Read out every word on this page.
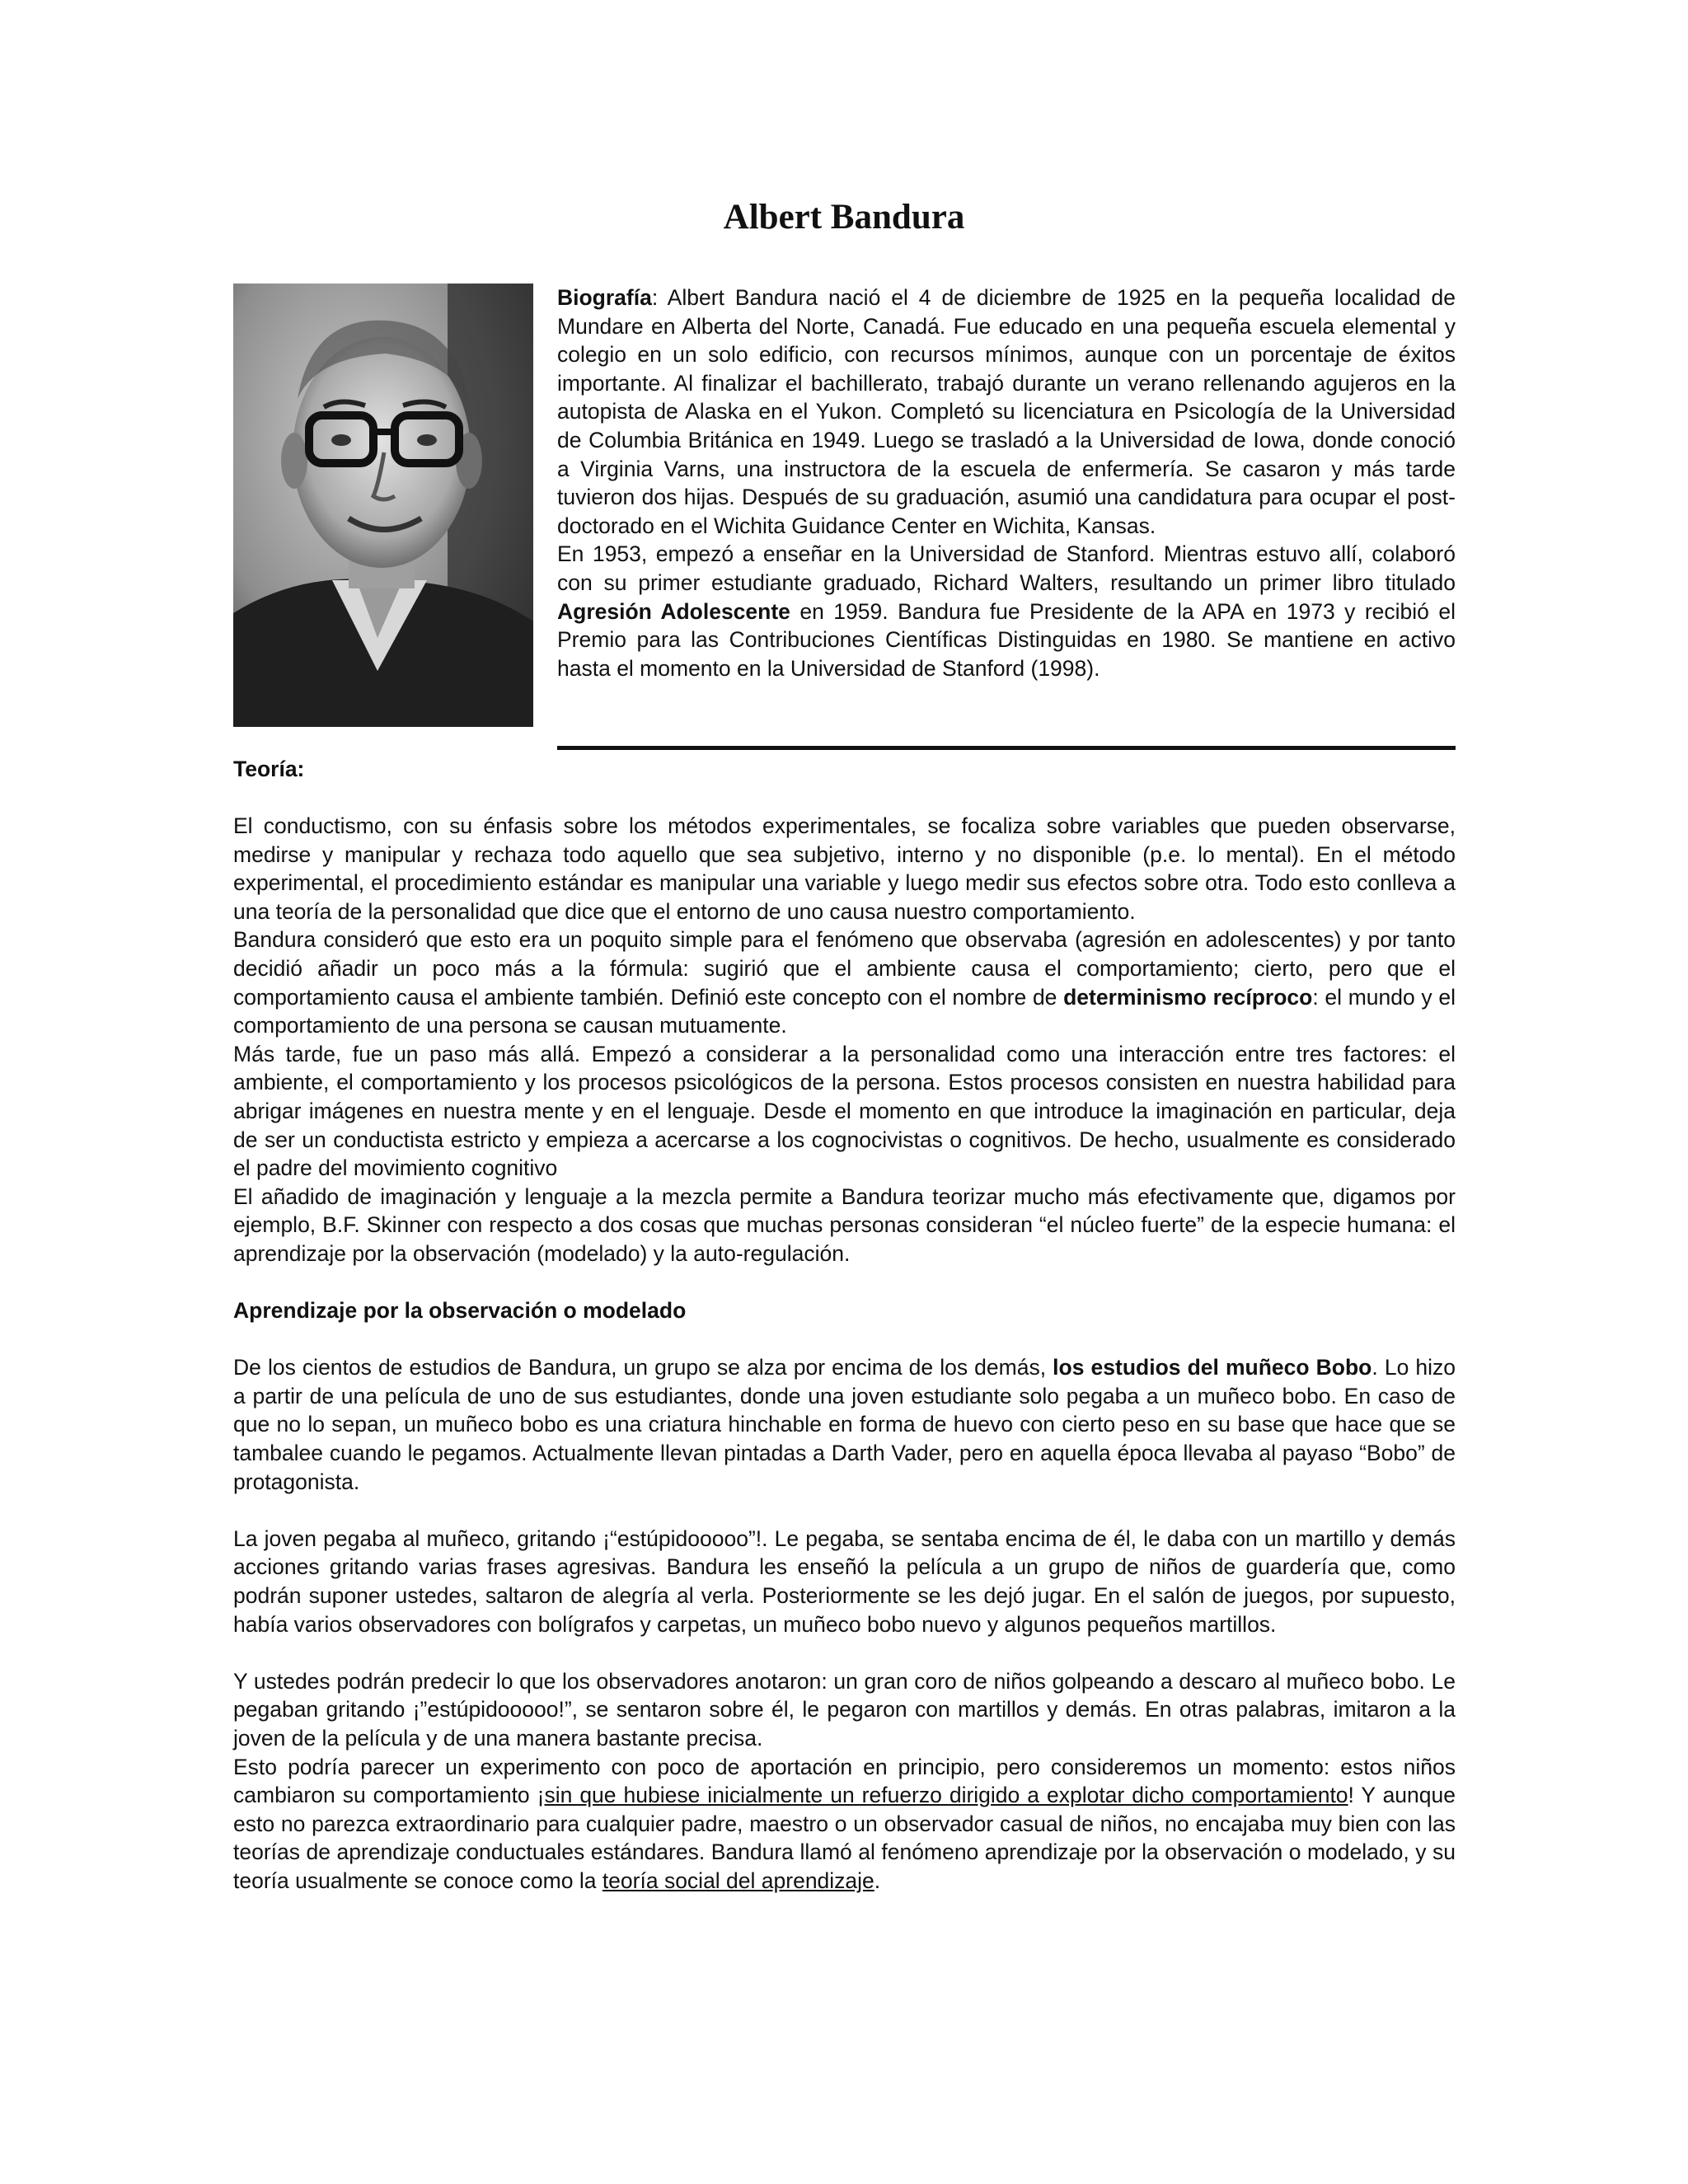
Albert Bandura

Biografía: Albert Bandura nació el 4 de diciembre de 1925 en la pequeña localidad de Mundare en Alberta del Norte, Canadá. Fue educado en una pequeña escuela elemental y colegio en un solo edificio, con recursos mínimos, aunque con un porcentaje de éxitos importante. Al finalizar el bachillerato, trabajó durante un verano rellenando agujeros en la autopista de Alaska en el Yukon. Completó su licenciatura en Psicología de la Universidad de Columbia Británica en 1949. Luego se trasladó a la Universidad de Iowa, donde conoció a Virginia Varns, una instructora de la escuela de enfermería. Se casaron y más tarde tuvieron dos hijas. Después de su graduación, asumió una candidatura para ocupar el post-doctorado en el Wichita Guidance Center en Wichita, Kansas.

En 1953, empezó a enseñar en la Universidad de Stanford. Mientras estuvo allí, colaboró con su primer estudiante graduado, Richard Walters, resultando un primer libro titulado Agresión Adolescente en 1959. Bandura fue Presidente de la APA en 1973 y recibió el Premio para las Contribuciones Científicas Distinguidas en 1980. Se mantiene en activo hasta el momento en la Universidad de Stanford (1998).

Teoría:

El conductismo, con su énfasis sobre los métodos experimentales, se focaliza sobre variables que pueden observarse, medirse y manipular y rechaza todo aquello que sea subjetivo, interno y no disponible (p.e. lo mental). En el método experimental, el procedimiento estándar es manipular una variable y luego medir sus efectos sobre otra. Todo esto conlleva a una teoría de la personalidad que dice que el entorno de uno causa nuestro comportamiento.

Bandura consideró que esto era un poquito simple para el fenómeno que observaba (agresión en adolescentes) y por tanto decidió añadir un poco más a la fórmula: sugirió que el ambiente causa el comportamiento; cierto, pero que el comportamiento causa el ambiente también. Definió este concepto con el nombre de determinismo recíproco: el mundo y el comportamiento de una persona se causan mutuamente.

Más tarde, fue un paso más allá. Empezó a considerar a la personalidad como una interacción entre tres factores: el ambiente, el comportamiento y los procesos psicológicos de la persona. Estos procesos consisten en nuestra habilidad para abrigar imágenes en nuestra mente y en el lenguaje. Desde el momento en que introduce la imaginación en particular, deja de ser un conductista estricto y empieza a acercarse a los cognocivistas o cognitivos. De hecho, usualmente es considerado el padre del movimiento cognitivo

El añadido de imaginación y lenguaje a la mezcla permite a Bandura teorizar mucho más efectivamente que, digamos por ejemplo, B.F. Skinner con respecto a dos cosas que muchas personas consideran “el núcleo fuerte” de la especie humana: el aprendizaje por la observación (modelado) y la auto-regulación.

Aprendizaje por la observación o modelado

De los cientos de estudios de Bandura, un grupo se alza por encima de los demás, los estudios del muñeco Bobo. Lo hizo a partir de una película de uno de sus estudiantes, donde una joven estudiante solo pegaba a un muñeco bobo. En caso de que no lo sepan, un muñeco bobo es una criatura hinchable en forma de huevo con cierto peso en su base que hace que se tambalee cuando le pegamos. Actualmente llevan pintadas a Darth Vader, pero en aquella época llevaba al payaso “Bobo” de protagonista.

La joven pegaba al muñeco, gritando ¡“estúpidooooo”!. Le pegaba, se sentaba encima de él, le daba con un martillo y demás acciones gritando varias frases agresivas. Bandura les enseñó la película a un grupo de niños de guardería que, como podrán suponer ustedes, saltaron de alegría al verla. Posteriormente se les dejó jugar. En el salón de juegos, por supuesto, había varios observadores con bolígrafos y carpetas, un muñeco bobo nuevo y algunos pequeños martillos.

Y ustedes podrán predecir lo que los observadores anotaron: un gran coro de niños golpeando a descaro al muñeco bobo. Le pegaban gritando ¡”estúpidooooo!”, se sentaron sobre él, le pegaron con martillos y demás. En otras palabras, imitaron a la joven de la película y de una manera bastante precisa.

Esto podría parecer un experimento con poco de aportación en principio, pero consideremos un momento: estos niños cambiaron su comportamiento ¡sin que hubiese inicialmente un refuerzo dirigido a explotar dicho comportamiento! Y aunque esto no parezca extraordinario para cualquier padre, maestro o un observador casual de niños, no encajaba muy bien con las teorías de aprendizaje conductuales estándares. Bandura llamó al fenómeno aprendizaje por la observación o modelado, y su teoría usualmente se conoce como la teoría social del aprendizaje.
